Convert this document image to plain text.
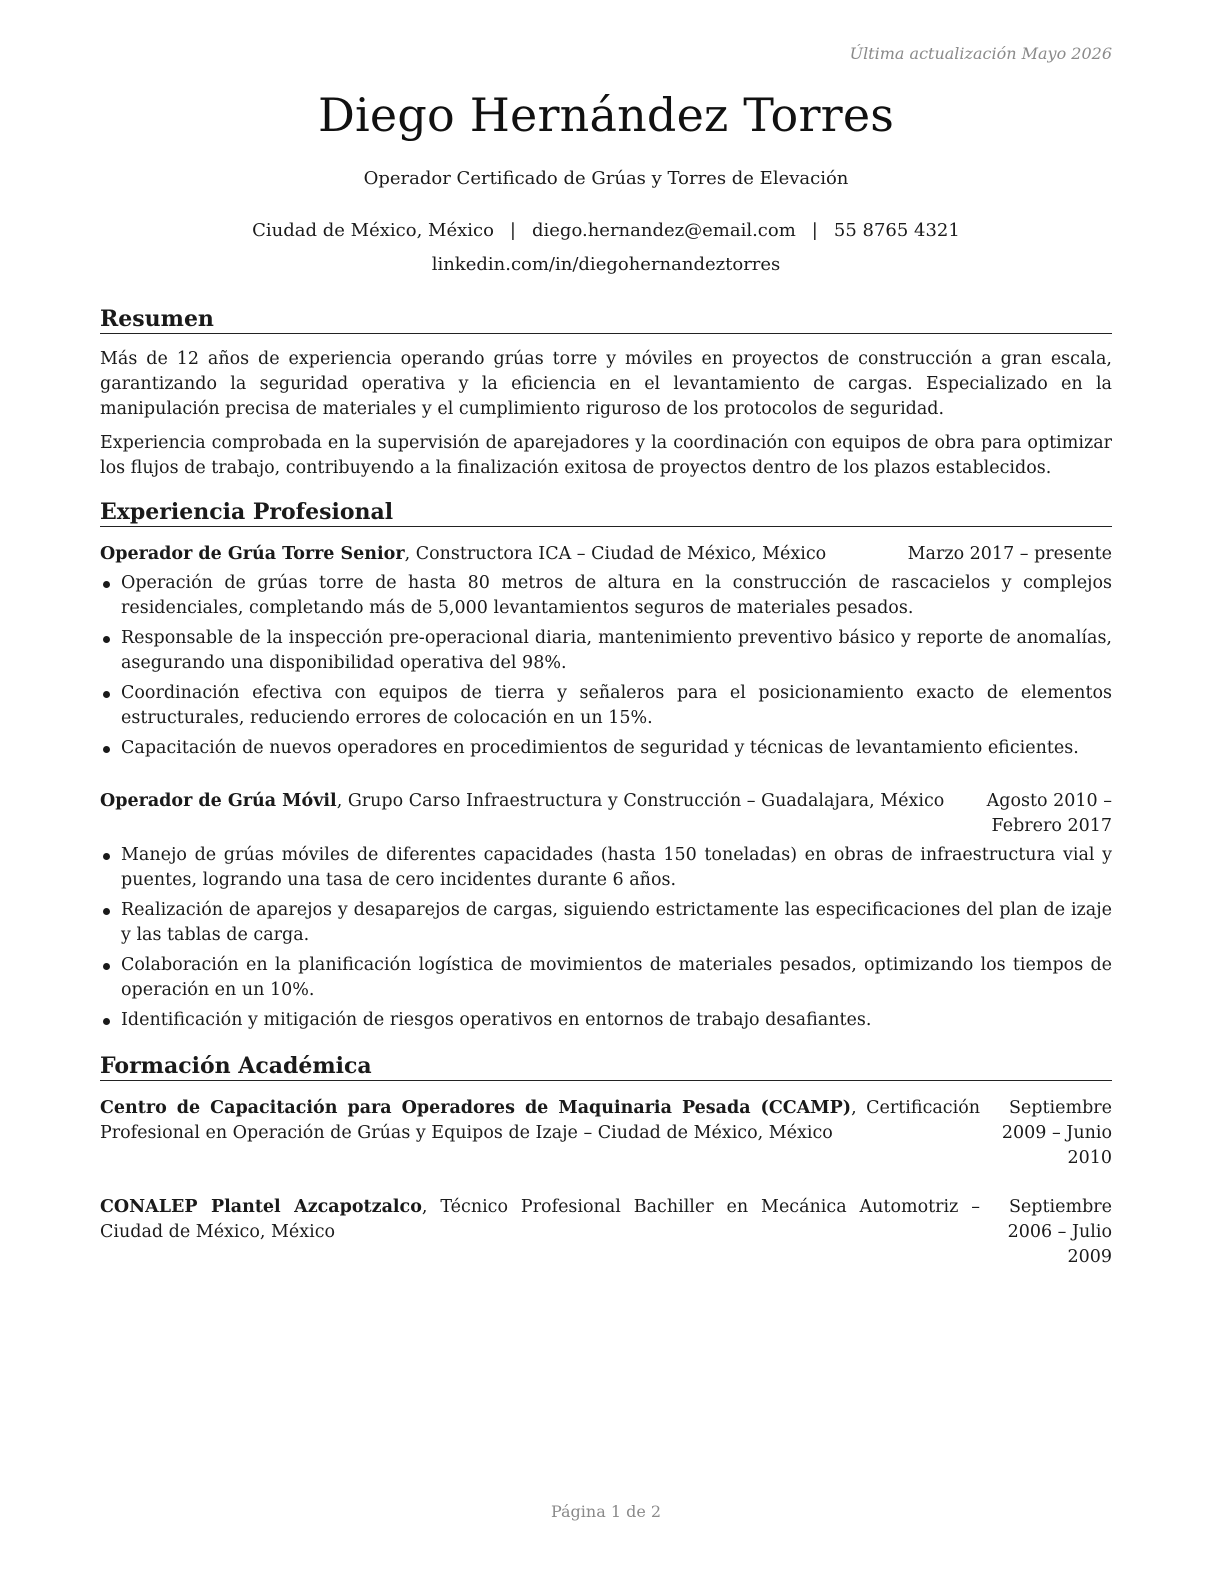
Última actualización Mayo 2026

Diego Hernández Torres

Operador Certificado de Grúas y Torres de Elevación

Ciudad de México, México | diego.hernandez@email.com | 55 8765 4321

linkedin.com/in/diegohernandeztorres

Resumen

Más de 12 años de experiencia operando grúas torre y móviles en proyectos de construcción a gran escala, garantizando la seguridad operativa y la eficiencia en el levantamiento de cargas. Especializado en la manipulación precisa de materiales y el cumplimiento riguroso de los protocolos de seguridad.

Experiencia comprobada en la supervisión de aparejadores y la coordinación con equipos de obra para optimizar los flujos de trabajo, contribuyendo a la finalización exitosa de proyectos dentro de los plazos establecidos.

Experiencia Profesional
Operador de Grúa Torre Senior, Constructora ICA – Ciudad de México, México	Marzo 2017 – presente
Operación de grúas torre de hasta 80 metros de altura en la construcción de rascacielos y complejos residenciales, completando más de 5,000 levantamientos seguros de materiales pesados.
Responsable de la inspección pre-operacional diaria, mantenimiento preventivo básico y reporte de anomalías, asegurando una disponibilidad operativa del 98%.
Coordinación efectiva con equipos de tierra y señaleros para el posicionamiento exacto de elementos estructurales, reduciendo errores de colocación en un 15%.
Capacitación de nuevos operadores en procedimientos de seguridad y técnicas de levantamiento eficientes.
Operador de Grúa Móvil, Grupo Carso Infraestructura y Construcción – Guadalajara, México	Agosto 2010 – Febrero 2017
Manejo de grúas móviles de diferentes capacidades (hasta 150 toneladas) en obras de infraestructura vial y puentes, logrando una tasa de cero incidentes durante 6 años.
Realización de aparejos y desaparejos de cargas, siguiendo estrictamente las especificaciones del plan de izaje y las tablas de carga.
Colaboración en la planificación logística de movimientos de materiales pesados, optimizando los tiempos de operación en un 10%.
Identificación y mitigación de riesgos operativos en entornos de trabajo desafiantes.
Formación Académica
Centro de Capacitación para Operadores de Maquinaria Pesada (CCAMP), Certificación Profesional en Operación de Grúas y Equipos de Izaje – Ciudad de México, México
Septiembre 2009 – Junio 2010
CONALEP Plantel Azcapotzalco, Técnico Profesional Bachiller en Mecánica Automotriz – Ciudad de México, México
Septiembre 2006 – Julio 2009

Página 1 de 2
